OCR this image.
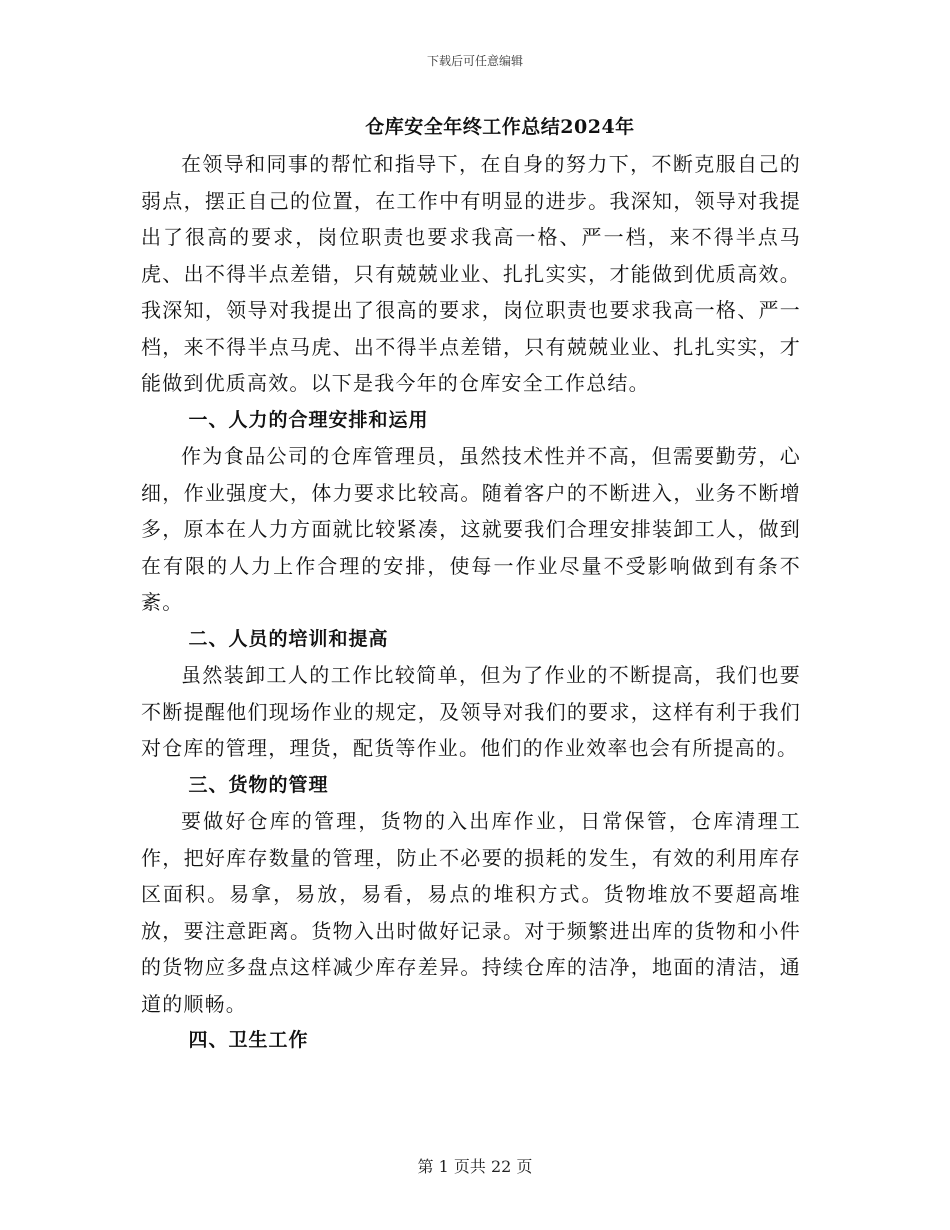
下载后可任意编辑
仓库安全年终工作总结2024年

在领导和同事的帮忙和指导下，在自身的努力下，不断克服自己的弱点，摆正自己的位置，在工作中有明显的进步。我深知，领导对我提出了很高的要求，岗位职责也要求我高一格、严一档，来不得半点马虎、出不得半点差错，只有兢兢业业、扎扎实实，才能做到优质高效。我深知，领导对我提出了很高的要求，岗位职责也要求我高一格、严一档，来不得半点马虎、出不得半点差错，只有兢兢业业、扎扎实实，才能做到优质高效。以下是我今年的仓库安全工作总结。

一、人力的合理安排和运用

作为食品公司的仓库管理员，虽然技术性并不高，但需要勤劳，心细，作业强度大，体力要求比较高。随着客户的不断进入，业务不断增多，原本在人力方面就比较紧凑，这就要我们合理安排装卸工人，做到在有限的人力上作合理的安排，使每一作业尽量不受影响做到有条不紊。

二、人员的培训和提高

虽然装卸工人的工作比较简单，但为了作业的不断提高，我们也要不断提醒他们现场作业的规定，及领导对我们的要求，这样有利于我们对仓库的管理，理货，配货等作业。他们的作业效率也会有所提高的。

三、货物的管理

要做好仓库的管理，货物的入出库作业，日常保管，仓库清理工作，把好库存数量的管理，防止不必要的损耗的发生，有效的利用库存区面积。易拿，易放，易看，易点的堆积方式。货物堆放不要超高堆放，要注意距离。货物入出时做好记录。对于频繁进出库的货物和小件的货物应多盘点这样减少库存差异。持续仓库的洁净，地面的清洁，通道的顺畅。

四、卫生工作

第 1 页共 22 页
